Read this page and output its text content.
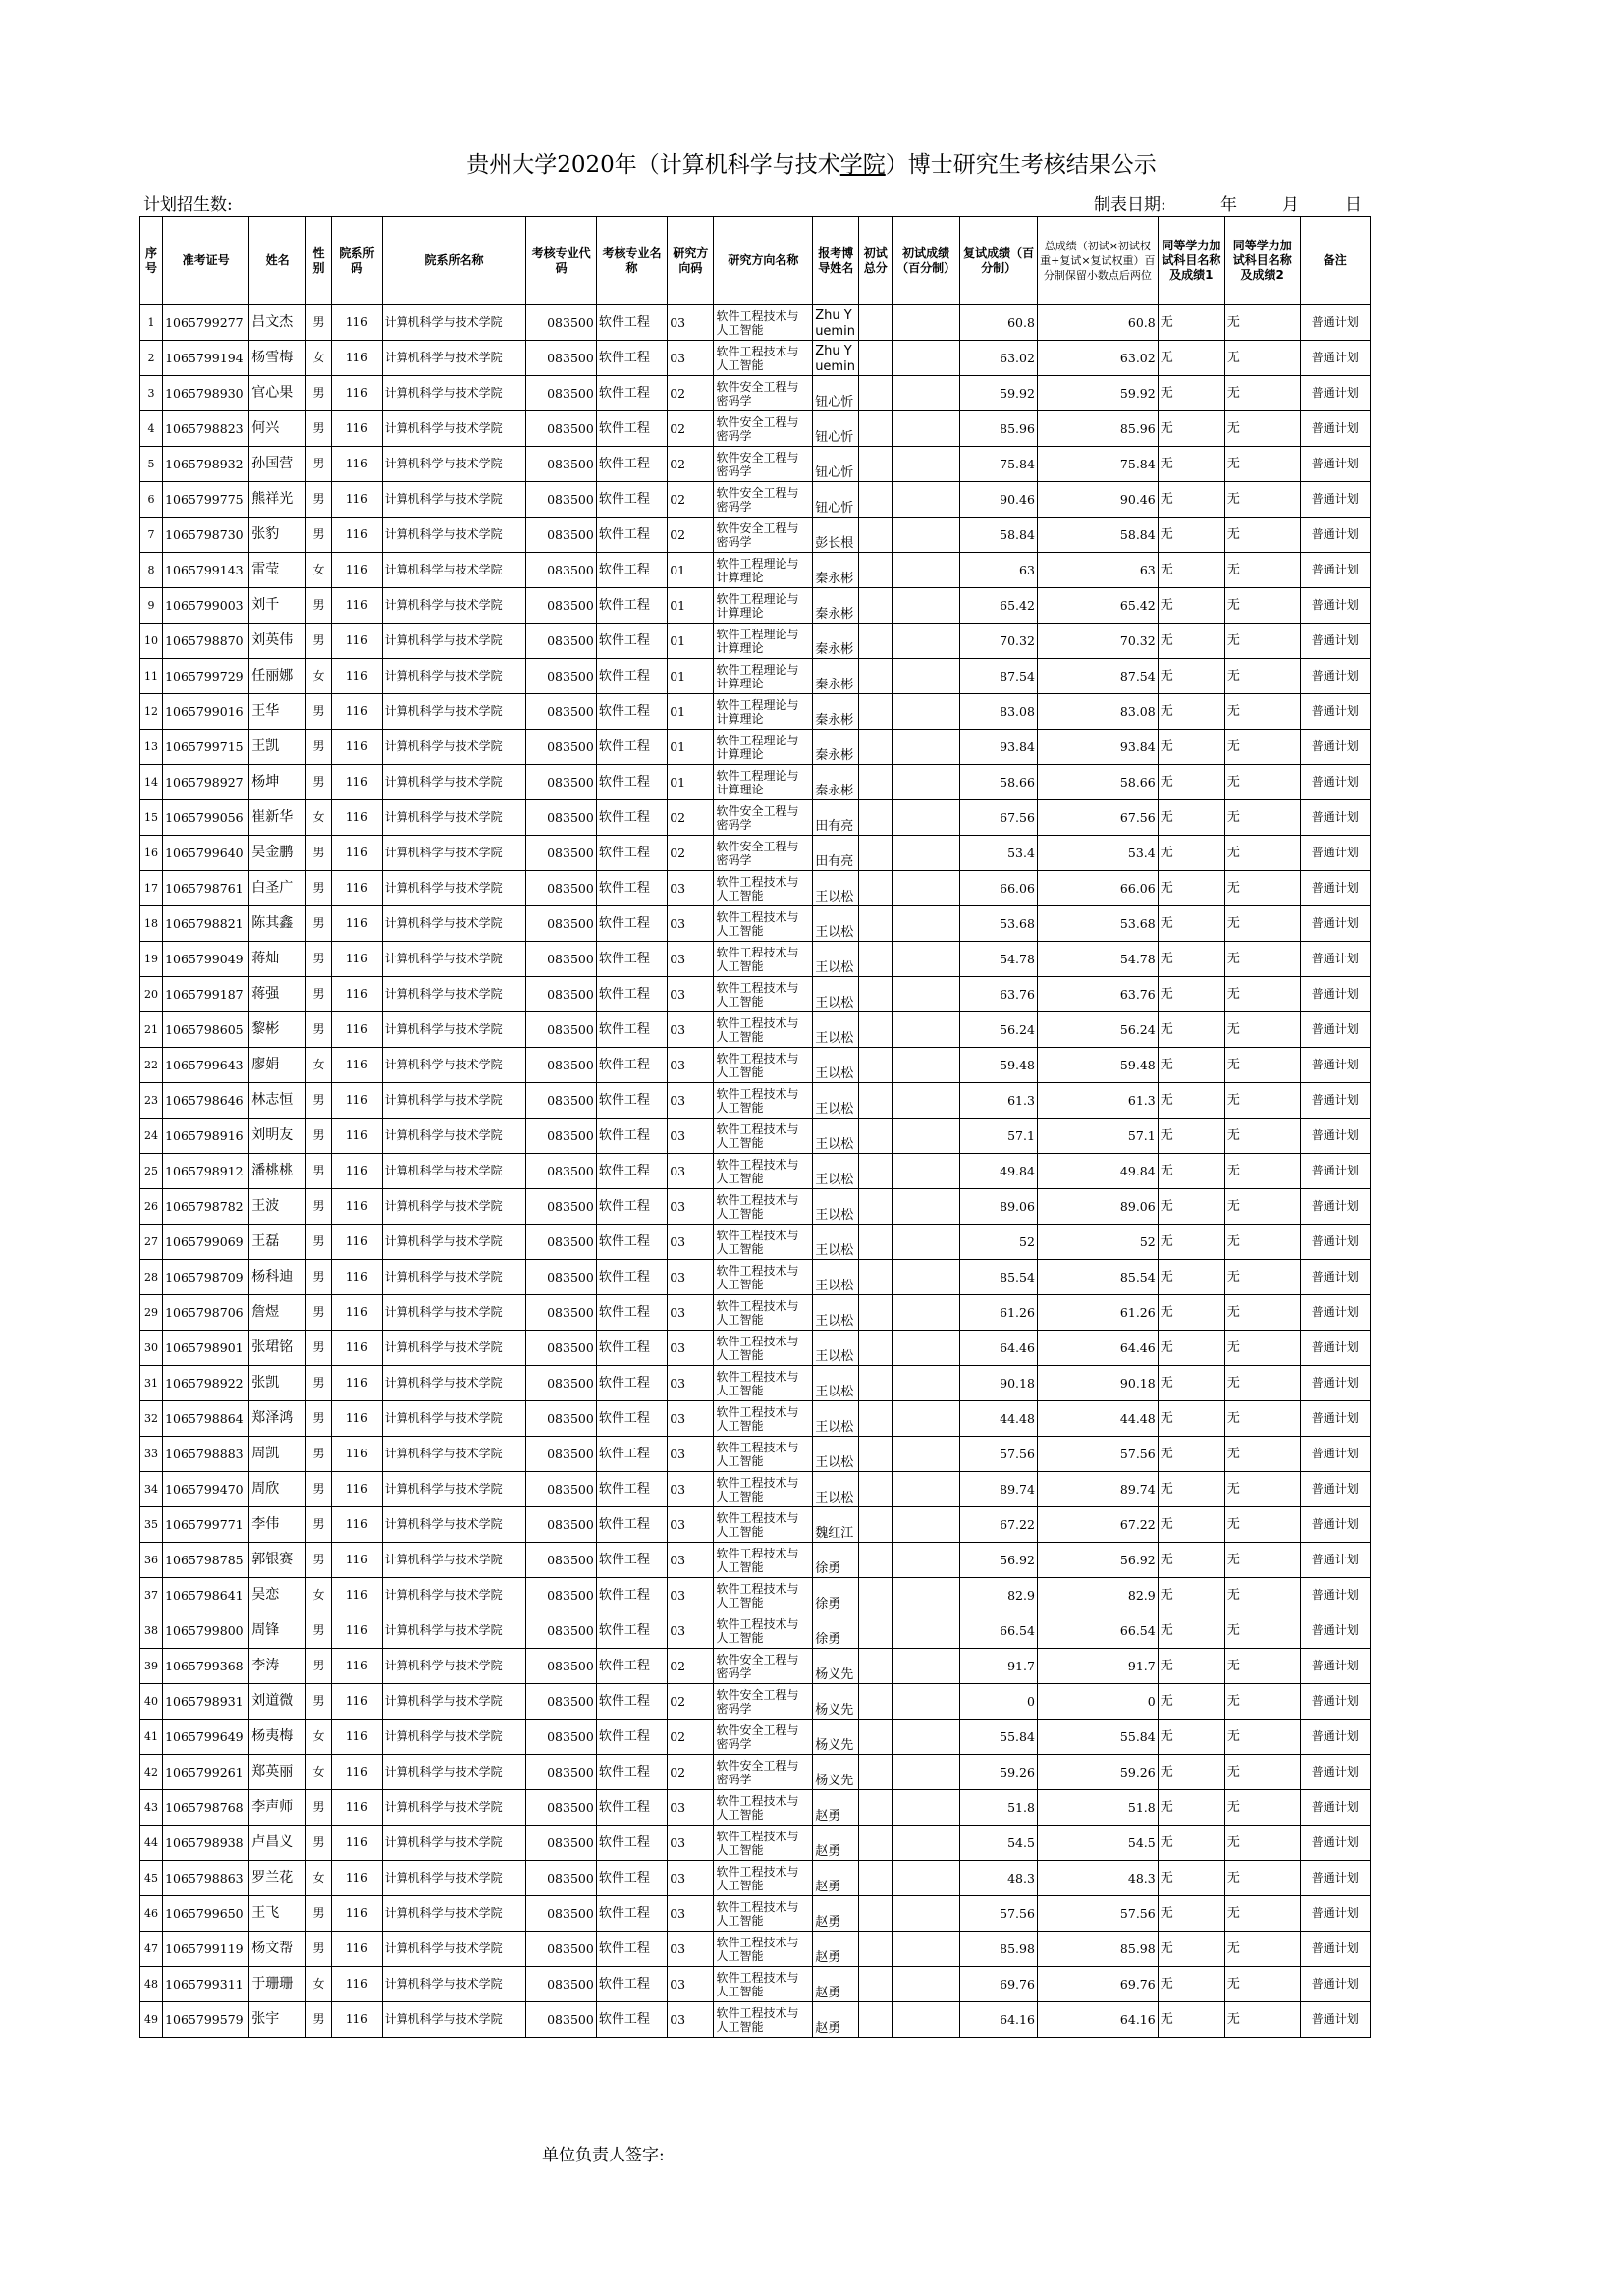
贵州大学2020年（计算机科学与技术学院）博士研究生考核结果公示
计划招生数:	制表日期:	年	月	日
序号	准考证号	姓名	性别	院系所码	院系所名称	考核专业代码	考核专业名称	研究方向码	研究方向名称	报考博导姓名	初试总分	初试成绩（百分制）	复试成绩（百分制）	总成绩（初试×初试权重+复试×复试权重）百分制保留小数点后两位	同等学力加试科目名称及成绩1	同等学力加试科目名称及成绩2	备注
1	1065799277	吕文杰	男	116	计算机科学与技术学院	083500	软件工程	03	软件工程技术与人工智能	Zhu Yuemin			60.8	60.8	无	无	普通计划
2	1065799194	杨雪梅	女	116	计算机科学与技术学院	083500	软件工程	03	软件工程技术与人工智能	Zhu Yuemin			63.02	63.02	无	无	普通计划
3	1065798930	官心果	男	116	计算机科学与技术学院	083500	软件工程	02	软件安全工程与密码学	钮心忻			59.92	59.92	无	无	普通计划
4	1065798823	何兴	男	116	计算机科学与技术学院	083500	软件工程	02	软件安全工程与密码学	钮心忻			85.96	85.96	无	无	普通计划
5	1065798932	孙国营	男	116	计算机科学与技术学院	083500	软件工程	02	软件安全工程与密码学	钮心忻			75.84	75.84	无	无	普通计划
6	1065799775	熊祥光	男	116	计算机科学与技术学院	083500	软件工程	02	软件安全工程与密码学	钮心忻			90.46	90.46	无	无	普通计划
7	1065798730	张豹	男	116	计算机科学与技术学院	083500	软件工程	02	软件安全工程与密码学	彭长根			58.84	58.84	无	无	普通计划
8	1065799143	雷莹	女	116	计算机科学与技术学院	083500	软件工程	01	软件工程理论与计算理论	秦永彬			63	63	无	无	普通计划
9	1065799003	刘千	男	116	计算机科学与技术学院	083500	软件工程	01	软件工程理论与计算理论	秦永彬			65.42	65.42	无	无	普通计划
10	1065798870	刘英伟	男	116	计算机科学与技术学院	083500	软件工程	01	软件工程理论与计算理论	秦永彬			70.32	70.32	无	无	普通计划
11	1065799729	任丽娜	女	116	计算机科学与技术学院	083500	软件工程	01	软件工程理论与计算理论	秦永彬			87.54	87.54	无	无	普通计划
12	1065799016	王华	男	116	计算机科学与技术学院	083500	软件工程	01	软件工程理论与计算理论	秦永彬			83.08	83.08	无	无	普通计划
13	1065799715	王凯	男	116	计算机科学与技术学院	083500	软件工程	01	软件工程理论与计算理论	秦永彬			93.84	93.84	无	无	普通计划
14	1065798927	杨坤	男	116	计算机科学与技术学院	083500	软件工程	01	软件工程理论与计算理论	秦永彬			58.66	58.66	无	无	普通计划
15	1065799056	崔新华	女	116	计算机科学与技术学院	083500	软件工程	02	软件安全工程与密码学	田有亮			67.56	67.56	无	无	普通计划
16	1065799640	吴金鹏	男	116	计算机科学与技术学院	083500	软件工程	02	软件安全工程与密码学	田有亮			53.4	53.4	无	无	普通计划
17	1065798761	白圣广	男	116	计算机科学与技术学院	083500	软件工程	03	软件工程技术与人工智能	王以松			66.06	66.06	无	无	普通计划
18	1065798821	陈其鑫	男	116	计算机科学与技术学院	083500	软件工程	03	软件工程技术与人工智能	王以松			53.68	53.68	无	无	普通计划
19	1065799049	蒋灿	男	116	计算机科学与技术学院	083500	软件工程	03	软件工程技术与人工智能	王以松			54.78	54.78	无	无	普通计划
20	1065799187	蒋强	男	116	计算机科学与技术学院	083500	软件工程	03	软件工程技术与人工智能	王以松			63.76	63.76	无	无	普通计划
21	1065798605	黎彬	男	116	计算机科学与技术学院	083500	软件工程	03	软件工程技术与人工智能	王以松			56.24	56.24	无	无	普通计划
22	1065799643	廖娟	女	116	计算机科学与技术学院	083500	软件工程	03	软件工程技术与人工智能	王以松			59.48	59.48	无	无	普通计划
23	1065798646	林志恒	男	116	计算机科学与技术学院	083500	软件工程	03	软件工程技术与人工智能	王以松			61.3	61.3	无	无	普通计划
24	1065798916	刘明友	男	116	计算机科学与技术学院	083500	软件工程	03	软件工程技术与人工智能	王以松			57.1	57.1	无	无	普通计划
25	1065798912	潘桃桃	男	116	计算机科学与技术学院	083500	软件工程	03	软件工程技术与人工智能	王以松			49.84	49.84	无	无	普通计划
26	1065798782	王波	男	116	计算机科学与技术学院	083500	软件工程	03	软件工程技术与人工智能	王以松			89.06	89.06	无	无	普通计划
27	1065799069	王磊	男	116	计算机科学与技术学院	083500	软件工程	03	软件工程技术与人工智能	王以松			52	52	无	无	普通计划
28	1065798709	杨科迪	男	116	计算机科学与技术学院	083500	软件工程	03	软件工程技术与人工智能	王以松			85.54	85.54	无	无	普通计划
29	1065798706	詹煜	男	116	计算机科学与技术学院	083500	软件工程	03	软件工程技术与人工智能	王以松			61.26	61.26	无	无	普通计划
30	1065798901	张珺铭	男	116	计算机科学与技术学院	083500	软件工程	03	软件工程技术与人工智能	王以松			64.46	64.46	无	无	普通计划
31	1065798922	张凯	男	116	计算机科学与技术学院	083500	软件工程	03	软件工程技术与人工智能	王以松			90.18	90.18	无	无	普通计划
32	1065798864	郑泽鸿	男	116	计算机科学与技术学院	083500	软件工程	03	软件工程技术与人工智能	王以松			44.48	44.48	无	无	普通计划
33	1065798883	周凯	男	116	计算机科学与技术学院	083500	软件工程	03	软件工程技术与人工智能	王以松			57.56	57.56	无	无	普通计划
34	1065799470	周欣	男	116	计算机科学与技术学院	083500	软件工程	03	软件工程技术与人工智能	王以松			89.74	89.74	无	无	普通计划
35	1065799771	李伟	男	116	计算机科学与技术学院	083500	软件工程	03	软件工程技术与人工智能	魏红江			67.22	67.22	无	无	普通计划
36	1065798785	郭银赛	男	116	计算机科学与技术学院	083500	软件工程	03	软件工程技术与人工智能	徐勇			56.92	56.92	无	无	普通计划
37	1065798641	吴恋	女	116	计算机科学与技术学院	083500	软件工程	03	软件工程技术与人工智能	徐勇			82.9	82.9	无	无	普通计划
38	1065799800	周锋	男	116	计算机科学与技术学院	083500	软件工程	03	软件工程技术与人工智能	徐勇			66.54	66.54	无	无	普通计划
39	1065799368	李涛	男	116	计算机科学与技术学院	083500	软件工程	02	软件安全工程与密码学	杨义先			91.7	91.7	无	无	普通计划
40	1065798931	刘道微	男	116	计算机科学与技术学院	083500	软件工程	02	软件安全工程与密码学	杨义先			0	0	无	无	普通计划
41	1065799649	杨夷梅	女	116	计算机科学与技术学院	083500	软件工程	02	软件安全工程与密码学	杨义先			55.84	55.84	无	无	普通计划
42	1065799261	郑英丽	女	116	计算机科学与技术学院	083500	软件工程	02	软件安全工程与密码学	杨义先			59.26	59.26	无	无	普通计划
43	1065798768	李声师	男	116	计算机科学与技术学院	083500	软件工程	03	软件工程技术与人工智能	赵勇			51.8	51.8	无	无	普通计划
44	1065798938	卢昌义	男	116	计算机科学与技术学院	083500	软件工程	03	软件工程技术与人工智能	赵勇			54.5	54.5	无	无	普通计划
45	1065798863	罗兰花	女	116	计算机科学与技术学院	083500	软件工程	03	软件工程技术与人工智能	赵勇			48.3	48.3	无	无	普通计划
46	1065799650	王飞	男	116	计算机科学与技术学院	083500	软件工程	03	软件工程技术与人工智能	赵勇			57.56	57.56	无	无	普通计划
47	1065799119	杨文帮	男	116	计算机科学与技术学院	083500	软件工程	03	软件工程技术与人工智能	赵勇			85.98	85.98	无	无	普通计划
48	1065799311	于珊珊	女	116	计算机科学与技术学院	083500	软件工程	03	软件工程技术与人工智能	赵勇			69.76	69.76	无	无	普通计划
49	1065799579	张宇	男	116	计算机科学与技术学院	083500	软件工程	03	软件工程技术与人工智能	赵勇			64.16	64.16	无	无	普通计划
单位负责人签字:
